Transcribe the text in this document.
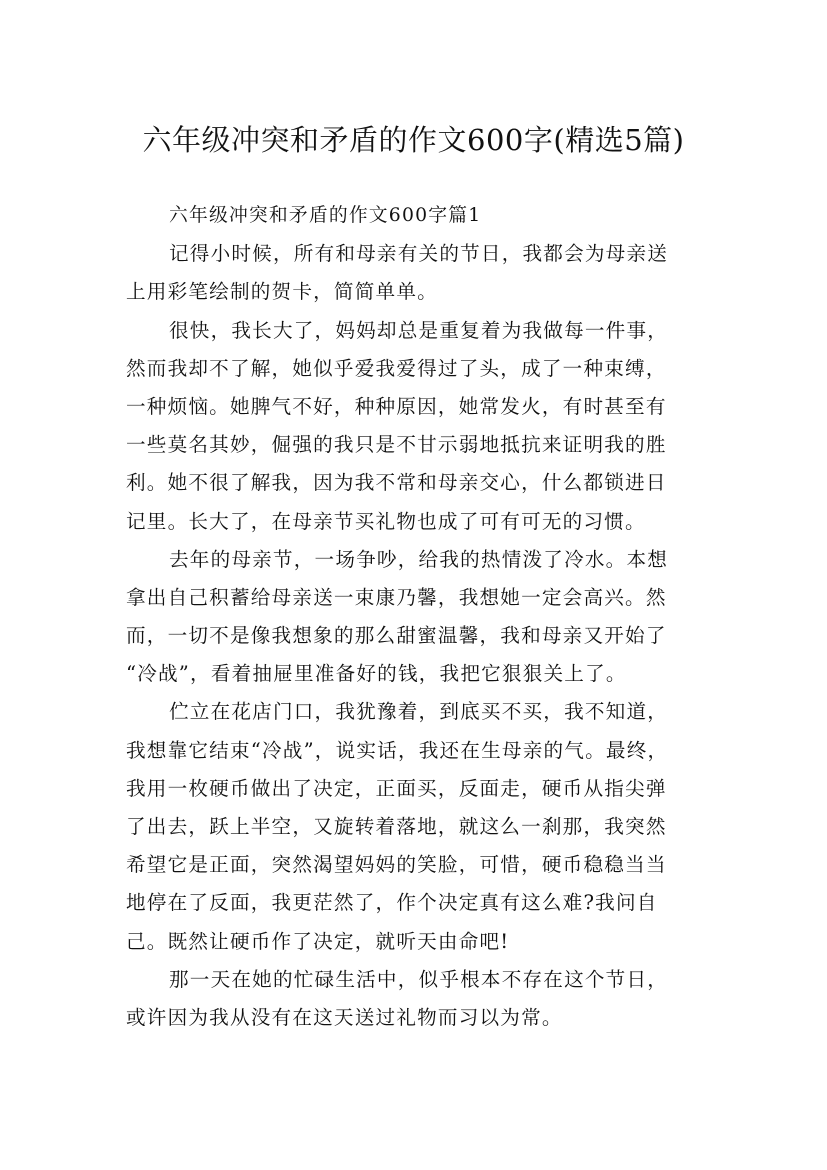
六年级冲突和矛盾的作文600字(精选5篇)
六年级冲突和矛盾的作文600字篇1
记得小时候，所有和母亲有关的节日，我都会为母亲送
上用彩笔绘制的贺卡，简简单单。
很快，我长大了，妈妈却总是重复着为我做每一件事，
然而我却不了解，她似乎爱我爱得过了头，成了一种束缚，
一种烦恼。她脾气不好，种种原因，她常发火，有时甚至有
一些莫名其妙，倔强的我只是不甘示弱地抵抗来证明我的胜
利。她不很了解我，因为我不常和母亲交心，什么都锁进日
记里。长大了，在母亲节买礼物也成了可有可无的习惯。
去年的母亲节，一场争吵，给我的热情泼了冷水。本想
拿出自己积蓄给母亲送一束康乃馨，我想她一定会高兴。然
而，一切不是像我想象的那么甜蜜温馨，我和母亲又开始了
“冷战”，看着抽屉里准备好的钱，我把它狠狠关上了。
伫立在花店门口，我犹豫着，到底买不买，我不知道，
我想靠它结束“冷战”，说实话，我还在生母亲的气。最终，
我用一枚硬币做出了决定，正面买，反面走，硬币从指尖弹
了出去，跃上半空，又旋转着落地，就这么一刹那，我突然
希望它是正面，突然渴望妈妈的笑脸，可惜，硬币稳稳当当
地停在了反面，我更茫然了，作个决定真有这么难?我问自
己。既然让硬币作了决定，就听天由命吧!
那一天在她的忙碌生活中，似乎根本不存在这个节日，
或许因为我从没有在这天送过礼物而习以为常。
